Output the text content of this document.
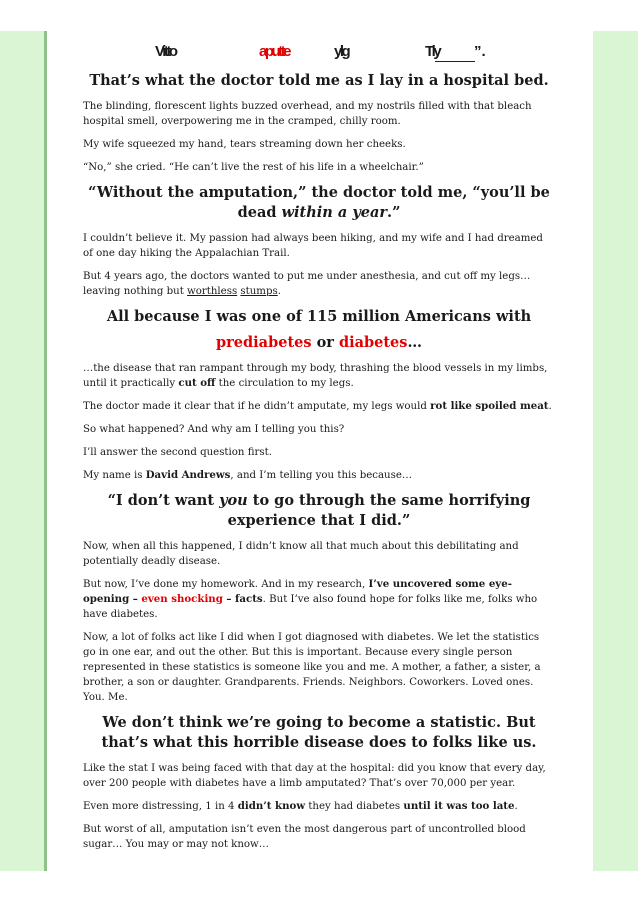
Vitto	aputte	ylg	Tly ”.
That’s what the doctor told me as I lay in a hospital bed.

The blinding, florescent lights buzzed overhead, and my nostrils filled with that bleach hospital smell, overpowering me in the cramped, chilly room.

My wife squeezed my hand, tears streaming down her cheeks.

“No,” she cried. “He can’t live the rest of his life in a wheelchair.”

“Without the amputation,” the doctor told me, “you’ll be dead within a year.”

I couldn’t believe it. My passion had always been hiking, and my wife and I had dreamed of one day hiking the Appalachian Trail.

But 4 years ago, the doctors wanted to put me under anesthesia, and cut off my legs… leaving nothing but worthless stumps.

All because I was one of 115 million Americans with
prediabetes or diabetes…

…the disease that ran rampant through my body, thrashing the blood vessels in my limbs, until it practically cut off the circulation to my legs.

The doctor made it clear that if he didn’t amputate, my legs would rot like spoiled meat.

So what happened? And why am I telling you this?

I’ll answer the second question first.

My name is David Andrews, and I’m telling you this because…

“I don’t want you to go through the same horrifying experience that I did.”

Now, when all this happened, I didn’t know all that much about this debilitating and potentially deadly disease.

But now, I’ve done my homework. And in my research, I’ve uncovered some eye-opening – even shocking – facts. But I’ve also found hope for folks like me, folks who have diabetes.

Now, a lot of folks act like I did when I got diagnosed with diabetes. We let the statistics go in one ear, and out the other. But this is important. Because every single person represented in these statistics is someone like you and me. A mother, a father, a sister, a brother, a son or daughter. Grandparents. Friends. Neighbors. Coworkers. Loved ones. You. Me.

We don’t think we’re going to become a statistic. But that’s what this horrible disease does to folks like us.

Like the stat I was being faced with that day at the hospital: did you know that every day, over 200 people with diabetes have a limb amputated? That’s over 70,000 per year.

Even more distressing, 1 in 4 didn’t know they had diabetes until it was too late.

But worst of all, amputation isn’t even the most dangerous part of uncontrolled blood sugar… You may or may not know…
